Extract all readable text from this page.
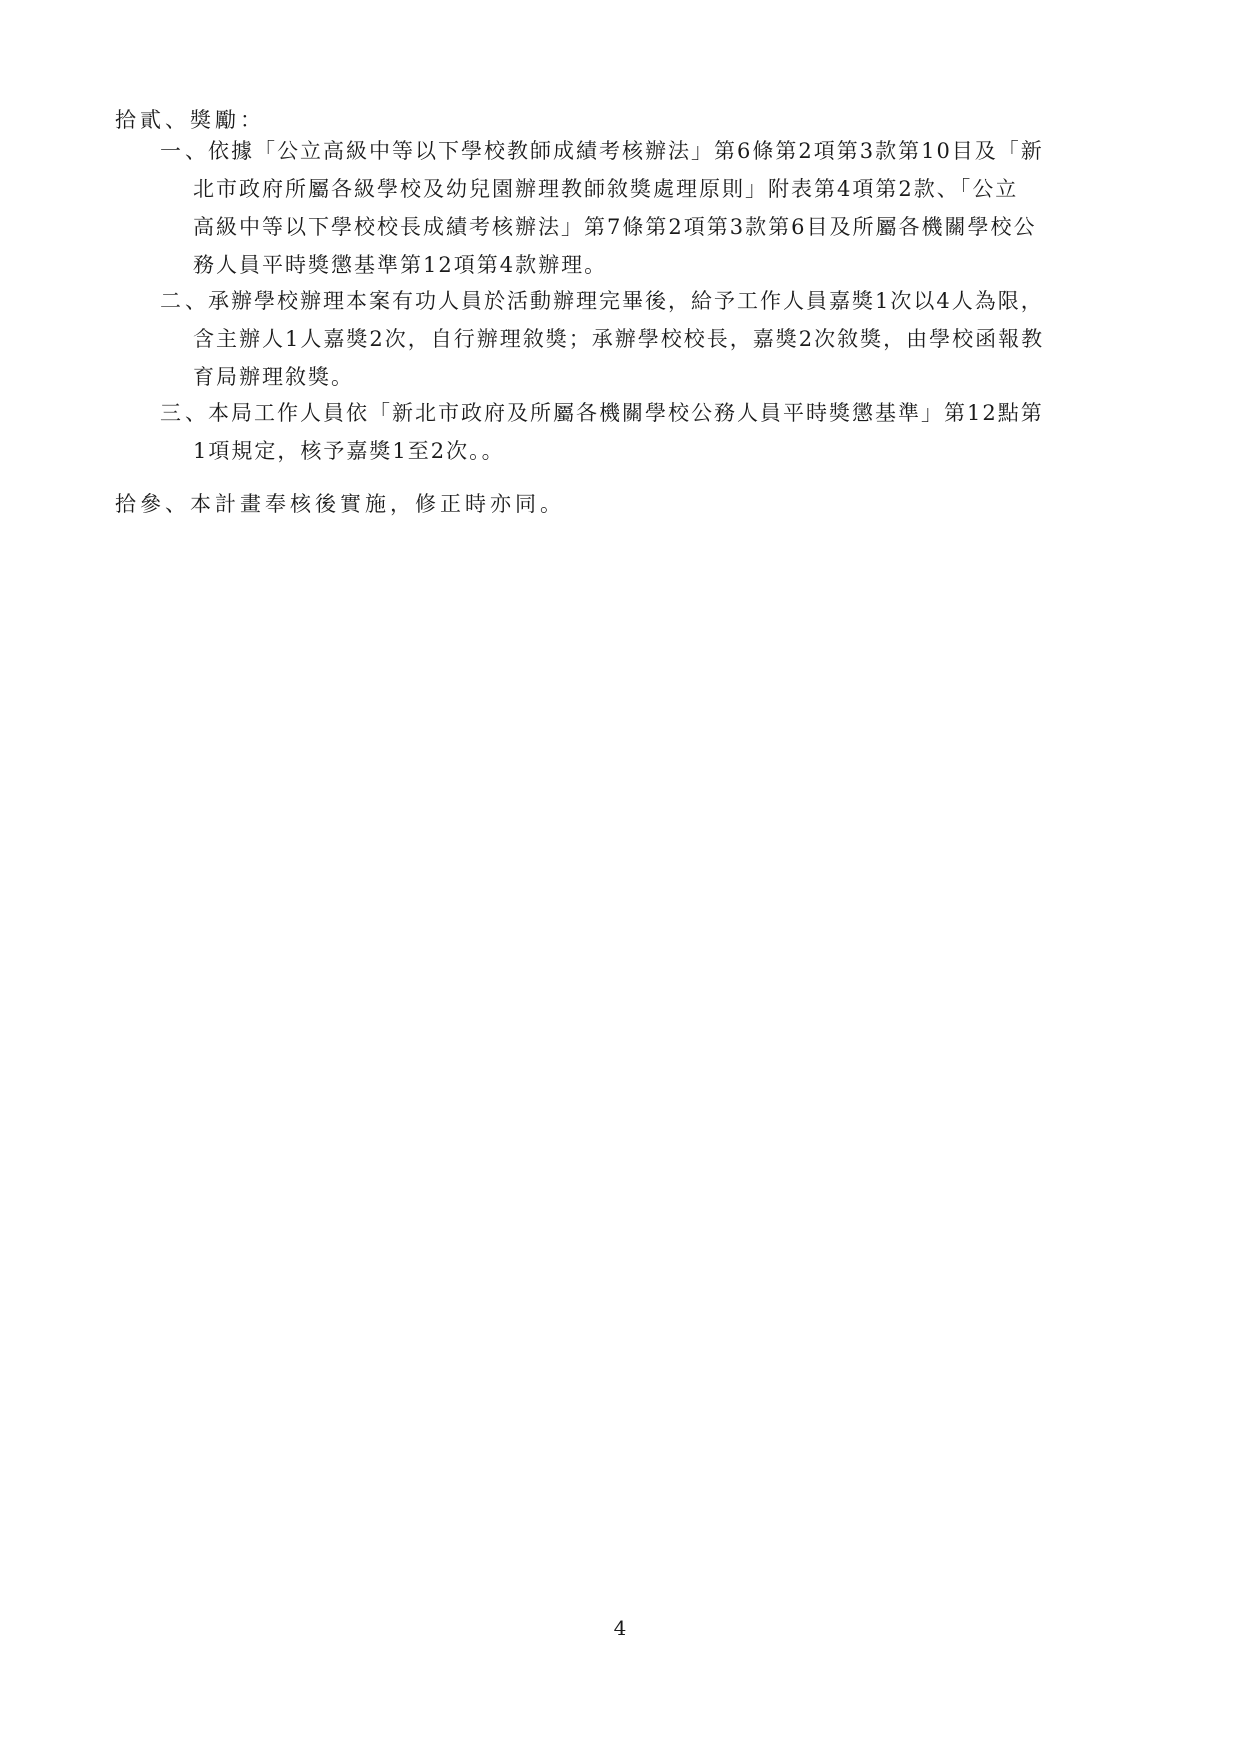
拾貳、獎勵：
一、
依據「公立高級中等以下學校教師成績考核辦法」第6條第2項第3款第10目及「新
北市政府所屬各級學校及幼兒園辦理教師敘獎處理原則」附表第4項第2款、「公立
高級中等以下學校校長成績考核辦法」第7條第2項第3款第6目及所屬各機關學校公
務人員平時獎懲基準第12項第4款辦理。
二、
承辦學校辦理本案有功人員於活動辦理完畢後，給予工作人員嘉獎1次以4人為限，
含主辦人1人嘉獎2次，自行辦理敘獎；承辦學校校長，嘉獎2次敘獎，由學校函報教
育局辦理敘獎。
三、
本局工作人員依「新北市政府及所屬各機關學校公務人員平時獎懲基準」第12點第
1項規定，核予嘉獎1至2次。。
拾參、本計畫奉核後實施，修正時亦同。
4
